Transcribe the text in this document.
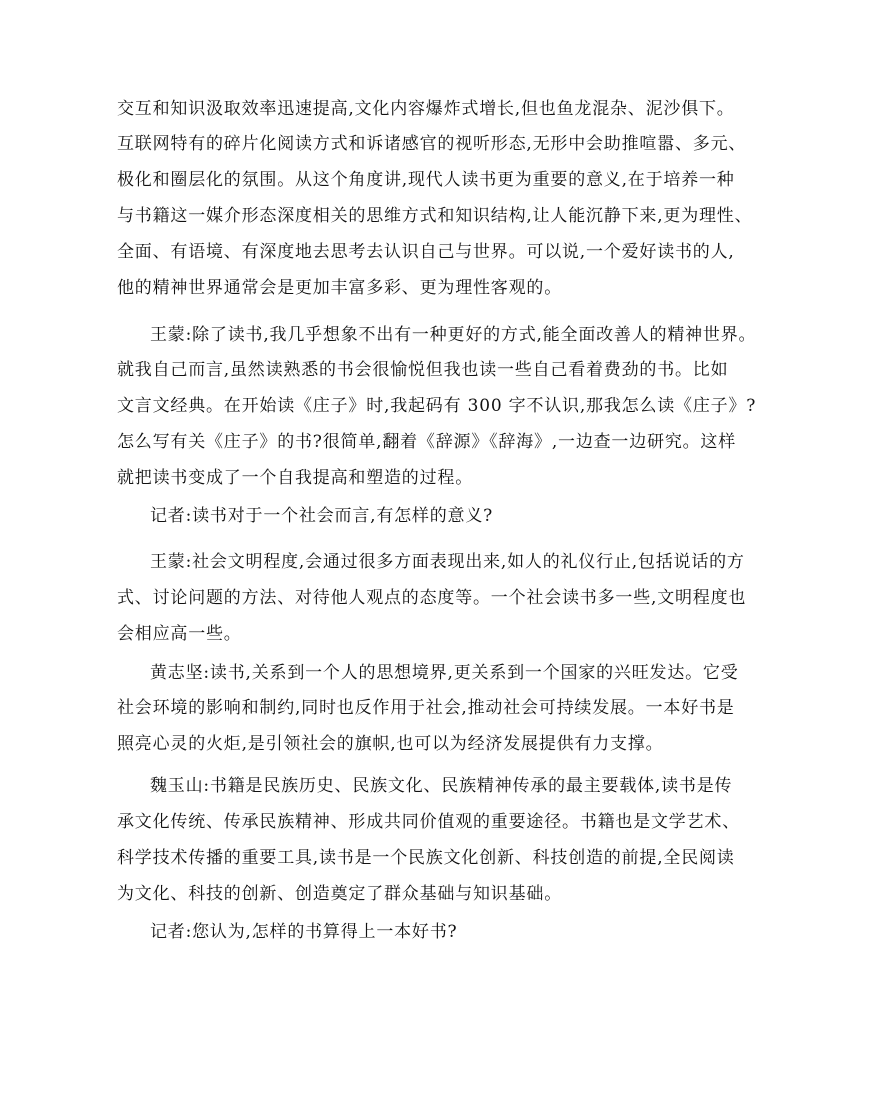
交互和知识汲取效率迅速提高,文化内容爆炸式增长,但也鱼龙混杂、泥沙俱下。
互联网特有的碎片化阅读方式和诉诸感官的视听形态,无形中会助推喧嚣、多元、
极化和圈层化的氛围。从这个角度讲,现代人读书更为重要的意义,在于培养一种
与书籍这一媒介形态深度相关的思维方式和知识结构,让人能沉静下来,更为理性、
全面、有语境、有深度地去思考去认识自己与世界。可以说,一个爱好读书的人,
他的精神世界通常会是更加丰富多彩、更为理性客观的。
王蒙:除了读书,我几乎想象不出有一种更好的方式,能全面改善人的精神世界。
就我自己而言,虽然读熟悉的书会很愉悦但我也读一些自己看着费劲的书。比如
文言文经典。在开始读《庄子》时,我起码有 300 字不认识,那我怎么读《庄子》?
怎么写有关《庄子》的书?很简单,翻着《辞源》《辞海》,一边查一边研究。这样
就把读书变成了一个自我提高和塑造的过程。
记者:读书对于一个社会而言,有怎样的意义?
王蒙:社会文明程度,会通过很多方面表现出来,如人的礼仪行止,包括说话的方
式、讨论问题的方法、对待他人观点的态度等。一个社会读书多一些,文明程度也
会相应高一些。
黄志坚:读书,关系到一个人的思想境界,更关系到一个国家的兴旺发达。它受
社会环境的影响和制约,同时也反作用于社会,推动社会可持续发展。一本好书是
照亮心灵的火炬,是引领社会的旗帜,也可以为经济发展提供有力支撑。
魏玉山:书籍是民族历史、民族文化、民族精神传承的最主要载体,读书是传
承文化传统、传承民族精神、形成共同价值观的重要途径。书籍也是文学艺术、
科学技术传播的重要工具,读书是一个民族文化创新、科技创造的前提,全民阅读
为文化、科技的创新、创造奠定了群众基础与知识基础。
记者:您认为,怎样的书算得上一本好书?
